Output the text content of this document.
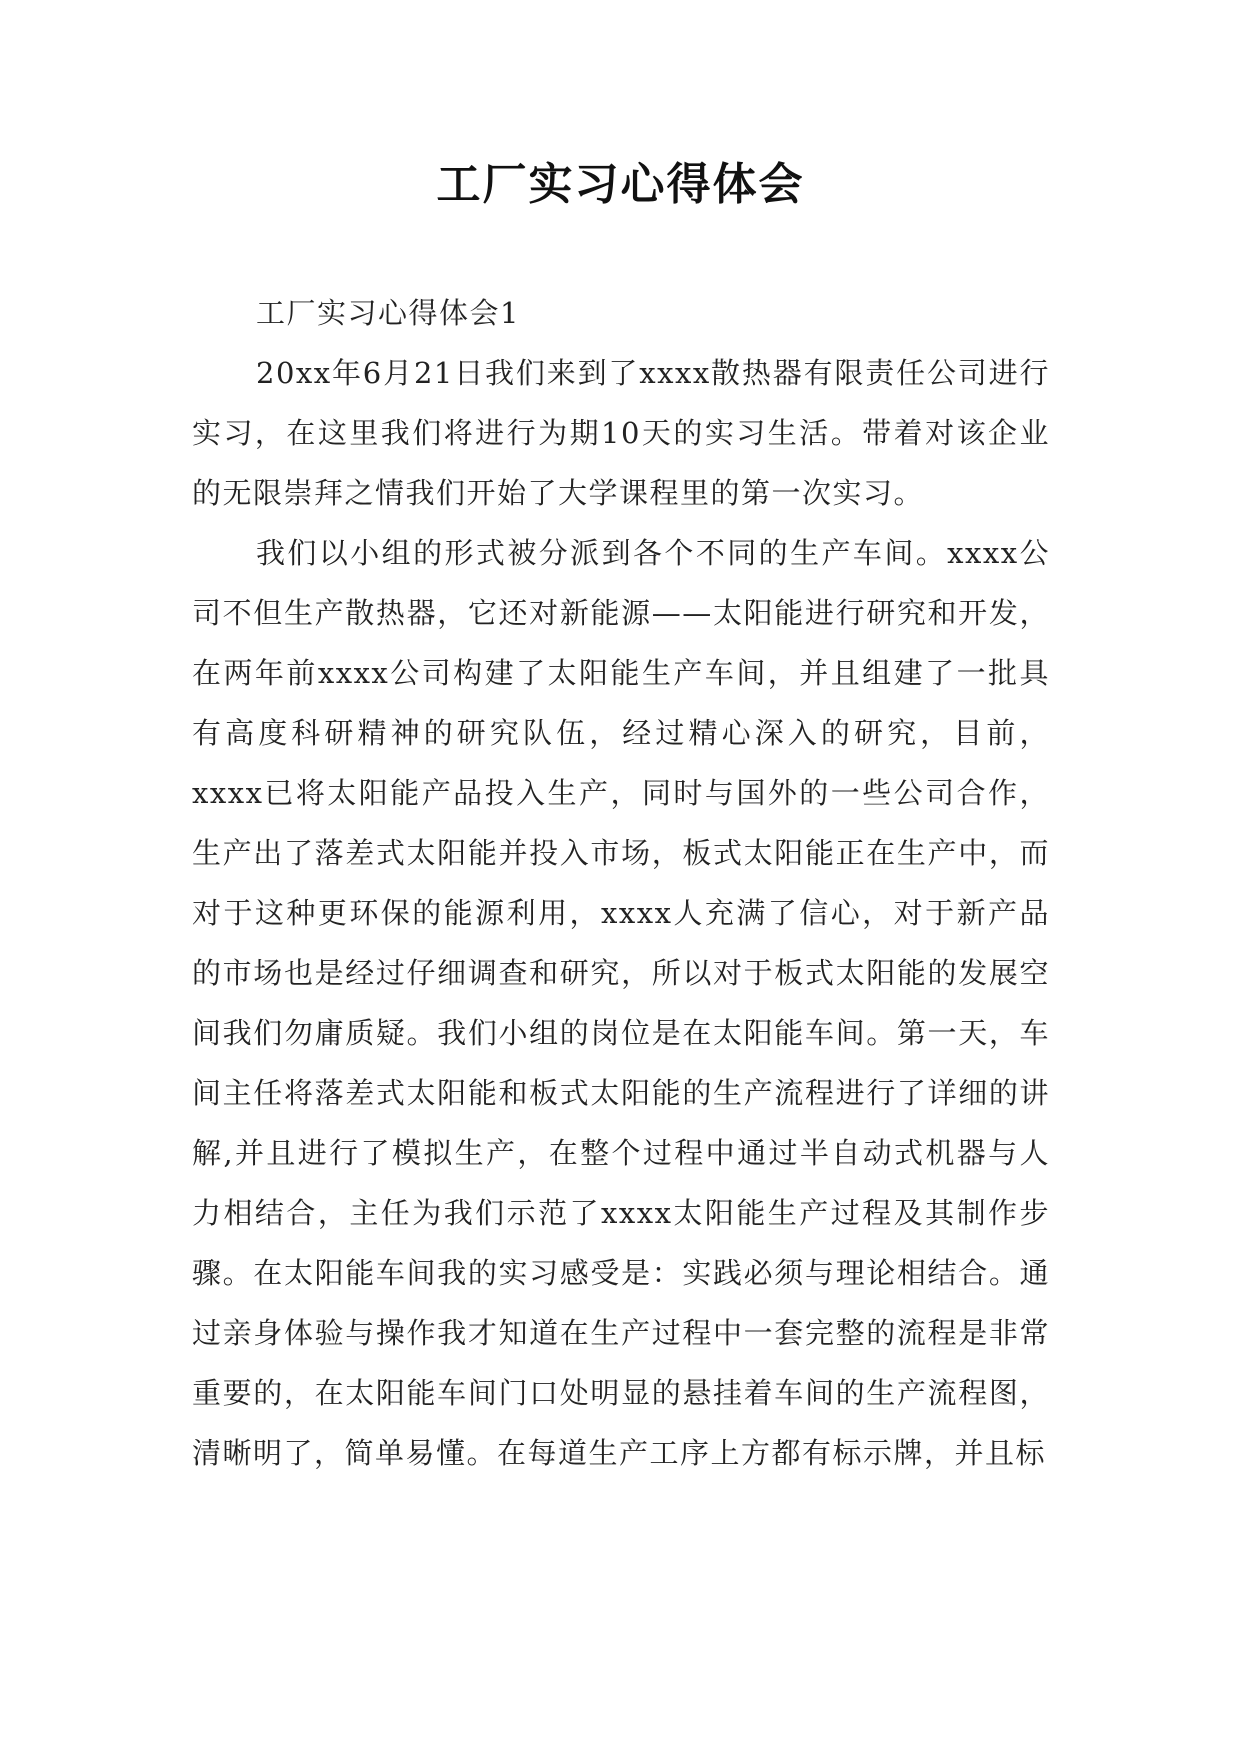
工厂实习心得体会

工厂实习心得体会1

20xx年6月21日我们来到了xxxx散热器有限责任公司进行实习，在这里我们将进行为期10天的实习生活。带着对该企业的无限崇拜之情我们开始了大学课程里的第一次实习。

我们以小组的形式被分派到各个不同的生产车间。xxxx公司不但生产散热器，它还对新能源——太阳能进行研究和开发，在两年前xxxx公司构建了太阳能生产车间，并且组建了一批具有高度科研精神的研究队伍，经过精心深入的研究，目前，xxxx已将太阳能产品投入生产，同时与国外的一些公司合作，生产出了落差式太阳能并投入市场，板式太阳能正在生产中，而对于这种更环保的能源利用，xxxx人充满了信心，对于新产品的市场也是经过仔细调查和研究，所以对于板式太阳能的发展空间我们勿庸质疑。我们小组的岗位是在太阳能车间。第一天，车间主任将落差式太阳能和板式太阳能的生产流程进行了详细的讲解,并且进行了模拟生产，在整个过程中通过半自动式机器与人力相结合，主任为我们示范了xxxx太阳能生产过程及其制作步骤。在太阳能车间我的实习感受是：实践必须与理论相结合。通过亲身体验与操作我才知道在生产过程中一套完整的流程是非常重要的，在太阳能车间门口处明显的悬挂着车间的生产流程图，清晰明了，简单易懂。在每道生产工序上方都有标示牌，并且标
